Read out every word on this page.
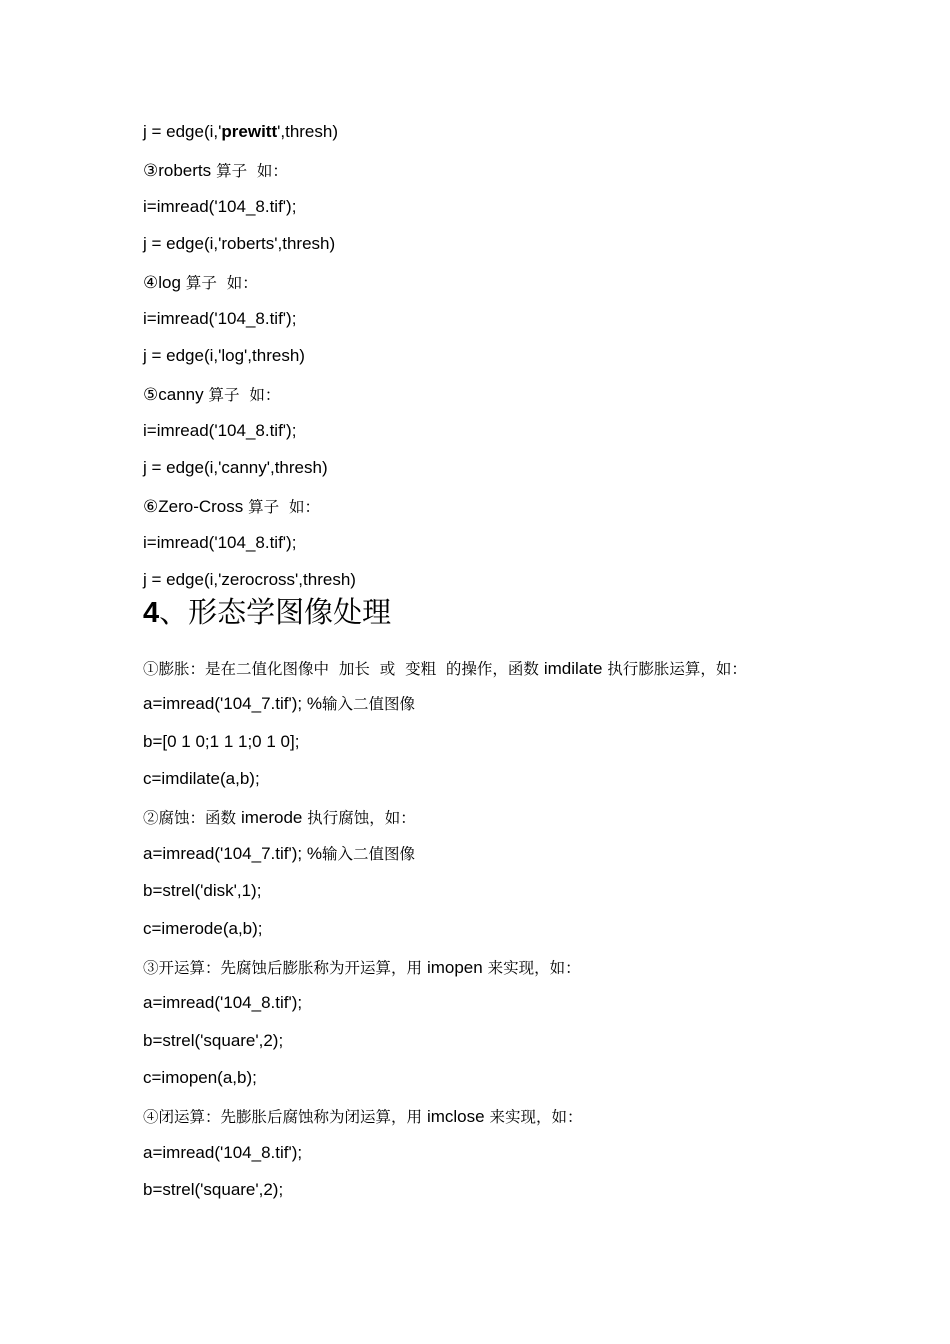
j = edge(i,'prewitt',thresh)
③roberts 算子  如：
i=imread('104_8.tif');
j = edge(i,'roberts',thresh)
④log 算子  如：
i=imread('104_8.tif');
j = edge(i,'log',thresh)
⑤canny 算子  如：
i=imread('104_8.tif');
j = edge(i,'canny',thresh)
⑥Zero-Cross 算子  如：
i=imread('104_8.tif');
j = edge(i,'zerocross',thresh)
4、形态学图像处理
①膨胀：是在二值化图像中  加长  或  变粗  的操作，函数 imdilate 执行膨胀运算，如：
a=imread('104_7.tif'); %输入二值图像
b=[0 1 0;1 1 1;0 1 0];
c=imdilate(a,b);
②腐蚀：函数 imerode 执行腐蚀，如：
a=imread('104_7.tif'); %输入二值图像
b=strel('disk',1);
c=imerode(a,b);
③开运算：先腐蚀后膨胀称为开运算，用 imopen 来实现，如：
a=imread('104_8.tif');
b=strel('square',2);
c=imopen(a,b);
④闭运算：先膨胀后腐蚀称为闭运算，用 imclose 来实现，如：
a=imread('104_8.tif');
b=strel('square',2);
